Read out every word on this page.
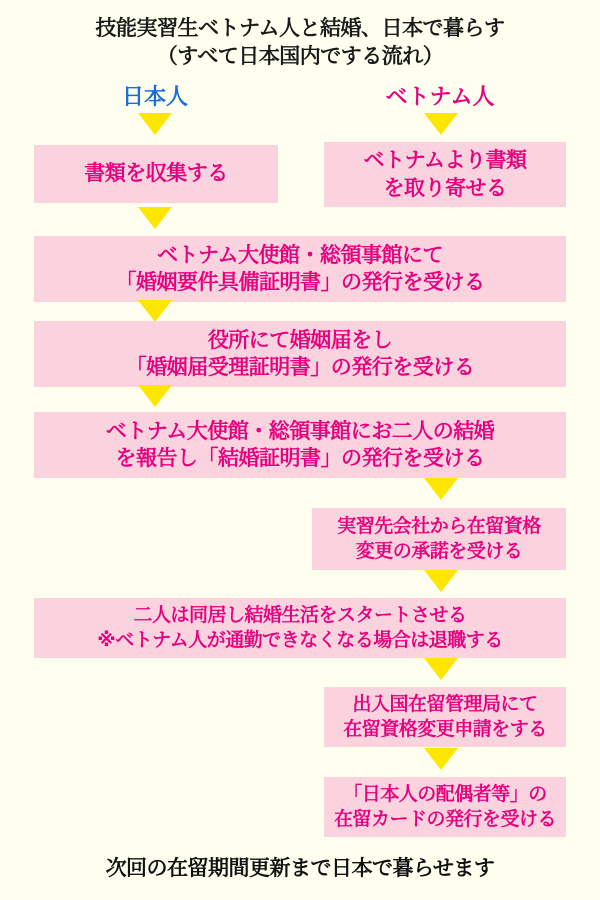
技能実習生ベトナム人と結婚、日本で暮らす
（すべて日本国内でする流れ）
日本人	ベトナム人
書類を収集する
ベトナムより書類
を取り寄せる
ベトナム大使館・総領事館にて
「婚姻要件具備証明書」の発行を受ける
役所にて婚姻届をし
「婚姻届受理証明書」の発行を受ける
ベトナム大使館・総領事館にお二人の結婚
を報告し「結婚証明書」の発行を受ける
実習先会社から在留資格
変更の承諾を受ける
二人は同居し結婚生活をスタートさせる
※ベトナム人が通勤できなくなる場合は退職する
出入国在留管理局にて
在留資格変更申請をする
「日本人の配偶者等」の
在留カードの発行を受ける
次回の在留期間更新まで日本で暮らせます
